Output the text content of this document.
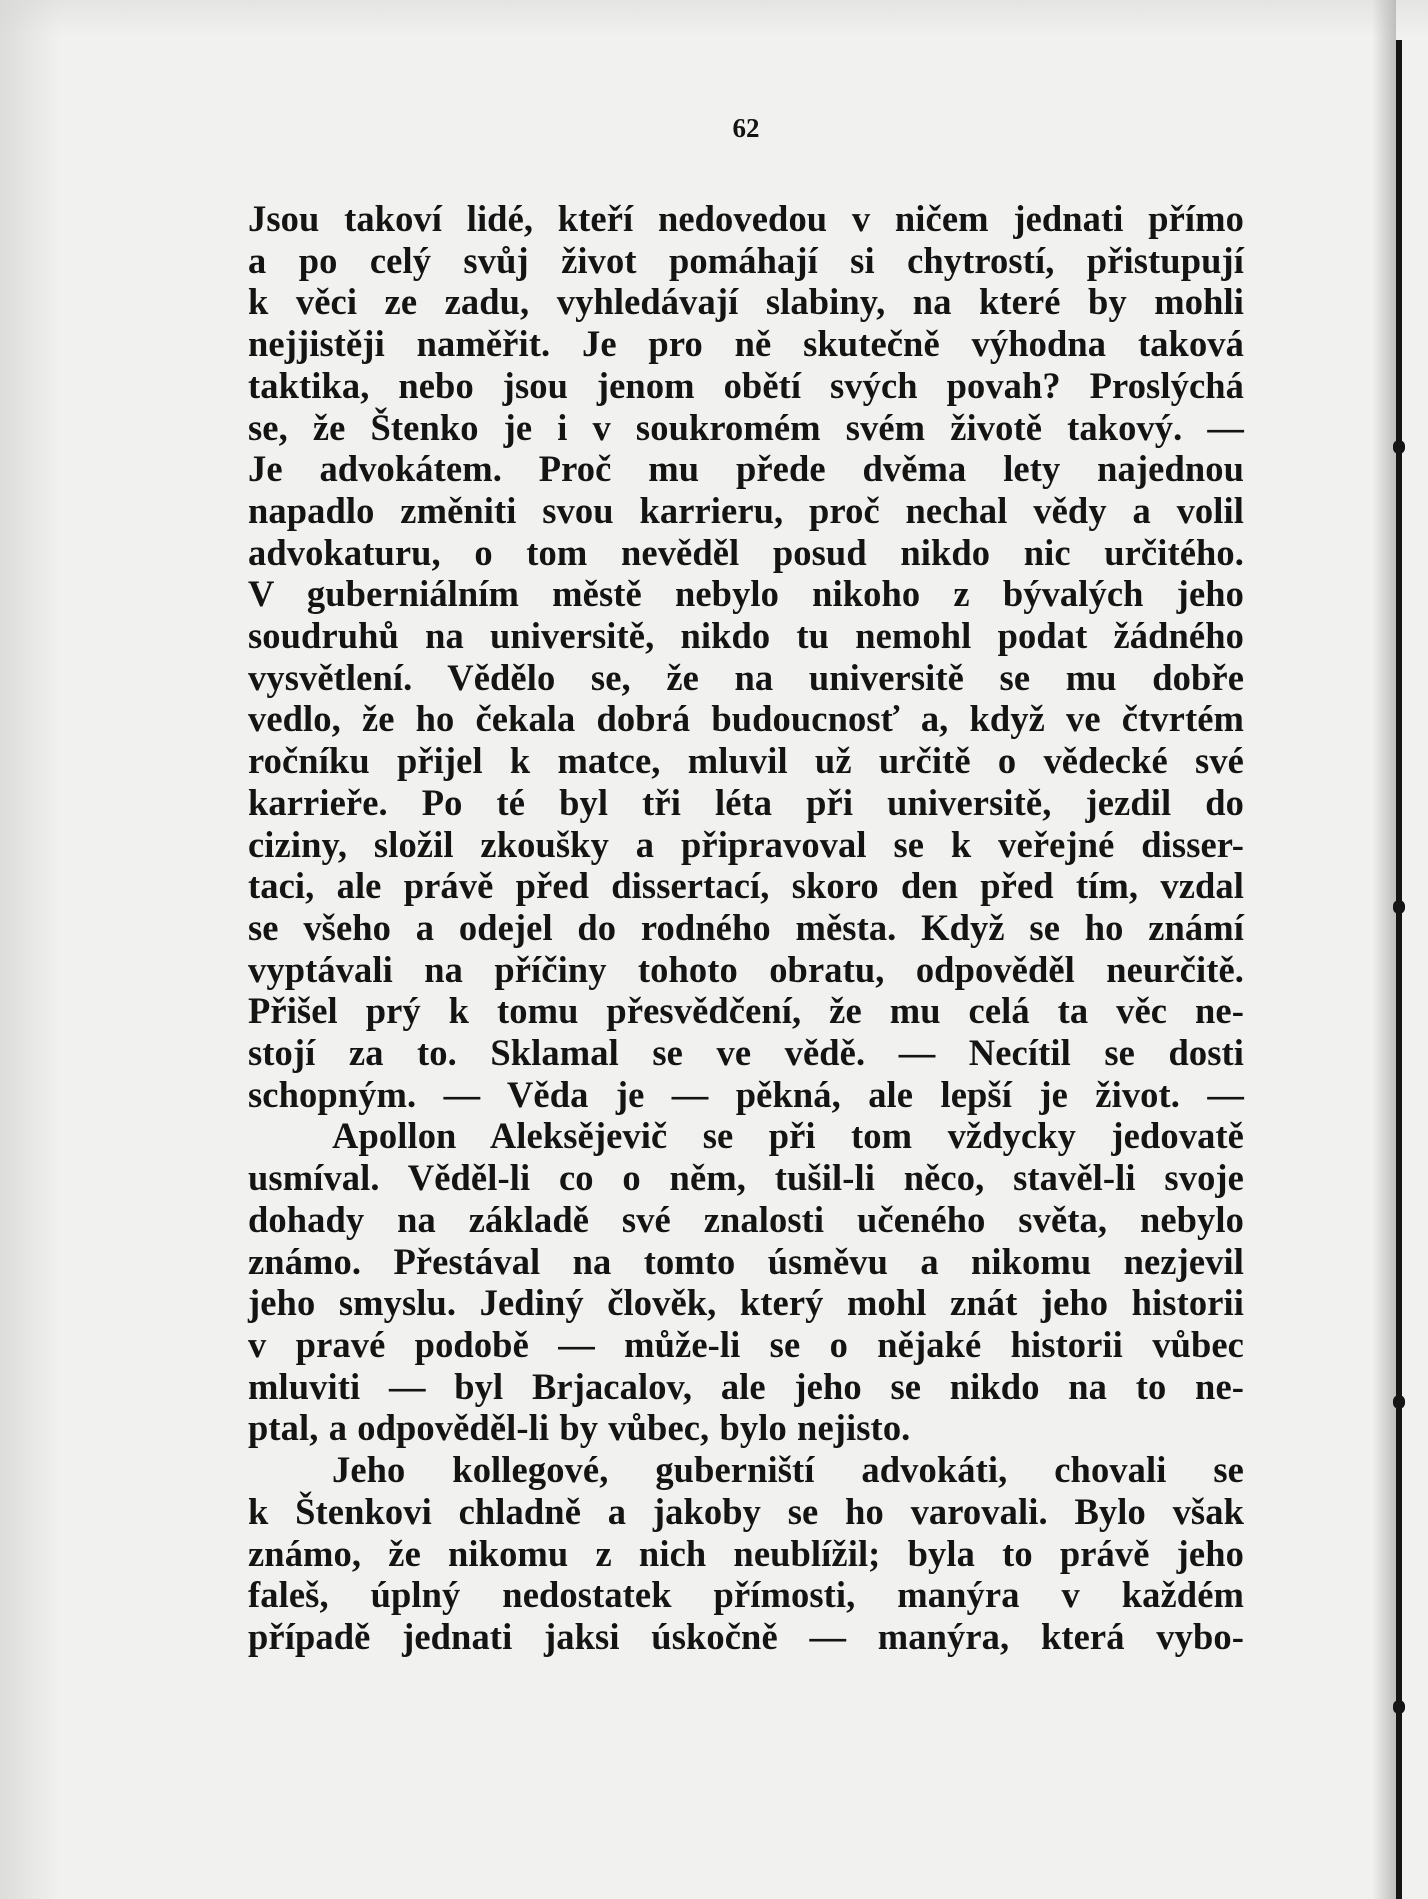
62

Jsou takoví lidé, kteří nedovedou v ničem jednati přímo

a po celý svůj život pomáhají si chytrostí, přistupují

k věci ze zadu, vyhledávají slabiny, na které by mohli

nejjistěji naměřit. Je pro ně skutečně výhodna taková

taktika, nebo jsou jenom obětí svých povah? Proslýchá

se, že Štenko je i v soukromém svém životě takový. —

Je advokátem. Proč mu přede dvěma lety najednou

napadlo změniti svou karrieru, proč nechal vědy a volil

advokaturu, o tom nevěděl posud nikdo nic určitého.

V guberniálním městě nebylo nikoho z bývalých jeho

soudruhů na universitě, nikdo tu nemohl podat žádného

vysvětlení. Vědělo se, že na universitě se mu dobře

vedlo, že ho čekala dobrá budoucnosť a, když ve čtvrtém

ročníku přijel k matce, mluvil už určitě o vědecké své

karrieře. Po té byl tři léta při universitě, jezdil do

ciziny, složil zkoušky a připravoval se k veřejné disser-

taci, ale právě před dissertací, skoro den před tím, vzdal

se všeho a odejel do rodného města. Když se ho známí

vyptávali na příčiny tohoto obratu, odpověděl neurčitě.

Přišel prý k tomu přesvědčení, že mu celá ta věc ne-

stojí za to. Sklamal se ve vědě. — Necítil se dosti

schopným. — Věda je — pěkná, ale lepší je život. —

Apollon Aleksějevič se při tom vždycky jedovatě

usmíval. Věděl-li co o něm, tušil-li něco, stavěl-li svoje

dohady na základě své znalosti učeného světa, nebylo

známo. Přestával na tomto úsměvu a nikomu nezjevil

jeho smyslu. Jediný člověk, který mohl znát jeho historii

v pravé podobě — může-li se o nějaké historii vůbec

mluviti — byl Brjacalov, ale jeho se nikdo na to ne-

ptal, a odpověděl-li by vůbec, bylo nejisto.

Jeho kollegové, guberniští advokáti, chovali se

k Štenkovi chladně a jakoby se ho varovali. Bylo však

známo, že nikomu z nich neublížil; byla to právě jeho

faleš, úplný nedostatek přímosti, manýra v každém

případě jednati jaksi úskočně — manýra, která vybo-
